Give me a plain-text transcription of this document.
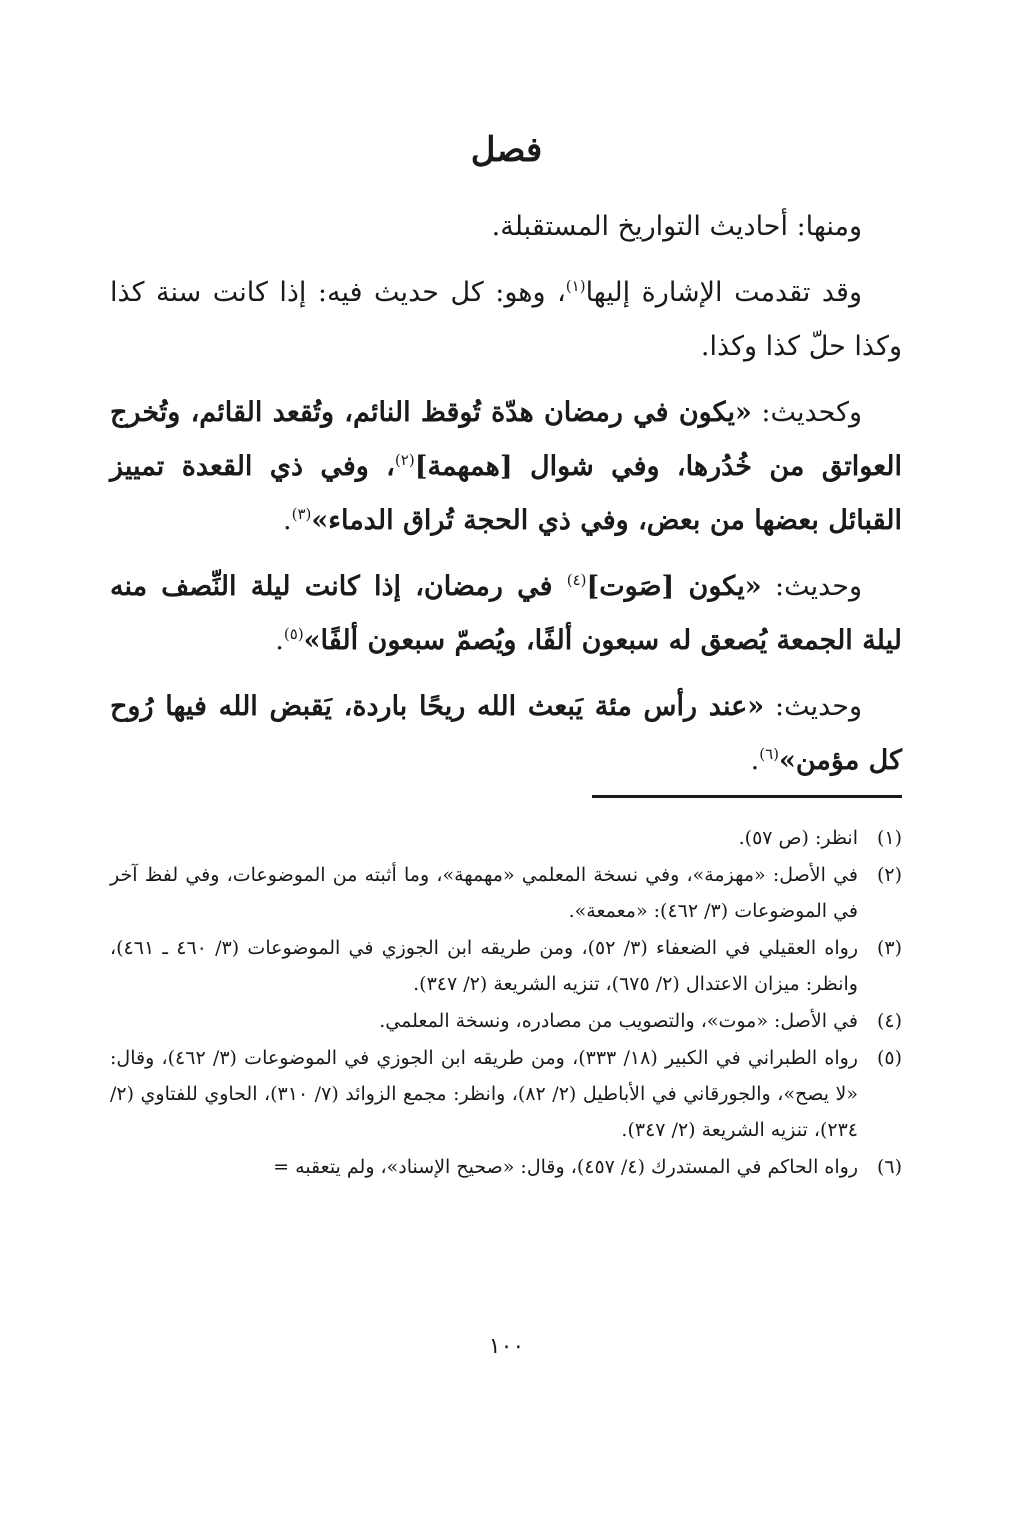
فصل

ومنها: أحاديث التواريخ المستقبلة.

وقد تقدمت الإشارة إليها$^{(١)}$، وهو: كل حديث فيه: إذا كانت سنة كذا وكذا حلّ كذا وكذا.

وكحديث: «يكون في رمضان هدّة تُوقظ النائم، وتُقعد القائم، وتُخرج العواتق من خُدُرها، وفي شوال [همهمة]$^{(٢)}$، وفي ذي القعدة تمييز القبائل بعضها من بعض، وفي ذي الحجة تُراق الدماء»$^{(٣)}$.

وحديث: «يكون [صَوت]$^{(٤)}$ في رمضان، إذا كانت ليلة النِّصف منه ليلة الجمعة يُصعق له سبعون ألفًا، ويُصمّ سبعون ألفًا»$^{(٥)}$.

وحديث: «عند رأس مئة يَبعث الله ريحًا باردة، يَقبض الله فيها رُوح كل مؤمن»$^{(٦)}$.

(١)
انظر: (ص ٥٧).
(٢)
في الأصل: «مهزمة»، وفي نسخة المعلمي «مهمهة»، وما أثبته من الموضوعات، وفي لفظ آخر في الموضوعات (٣/ ٤٦٢): «معمعة».
(٣)
رواه العقيلي في الضعفاء (٣/ ٥٢)، ومن طريقه ابن الجوزي في الموضوعات (٣/ ٤٦٠ ـ ٤٦١)، وانظر: ميزان الاعتدال (٢/ ٦٧٥)، تنزيه الشريعة (٢/ ٣٤٧).
(٤)
في الأصل: «موت»، والتصويب من مصادره، ونسخة المعلمي.
(٥)
رواه الطبراني في الكبير (١٨/ ٣٣٣)، ومن طريقه ابن الجوزي في الموضوعات (٣/ ٤٦٢)، وقال: «لا يصح»، والجورقاني في الأباطيل (٢/ ٨٢)، وانظر: مجمع الزوائد (٧/ ٣١٠)، الحاوي للفتاوي (٢/ ٢٣٤)، تنزيه الشريعة (٢/ ٣٤٧).
(٦)
رواه الحاكم في المستدرك (٤/ ٤٥٧)، وقال: «صحيح الإسناد»، ولم يتعقبه =
١٠٠
